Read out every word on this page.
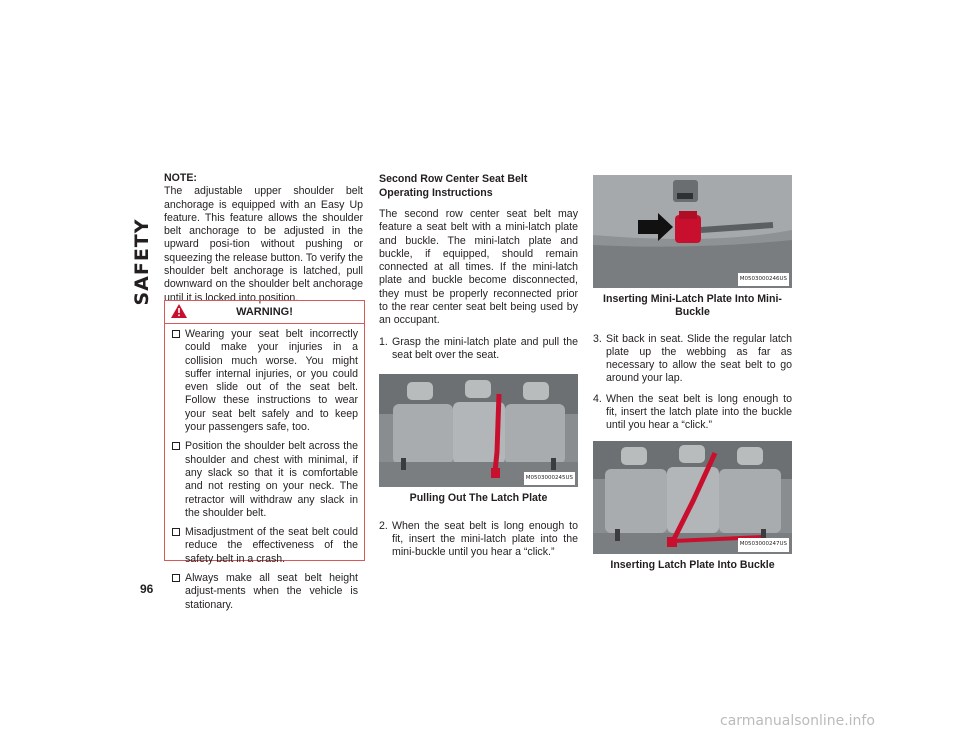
SAFETY
96
NOTE:

The adjustable upper shoulder belt anchorage is equipped with an Easy Up feature. This feature allows the shoulder belt anchorage to be adjusted in the upward posi-tion without pushing or squeezing the release button. To verify the shoulder belt anchorage is latched, pull downward on the shoulder belt anchorage until it is locked into position.

WARNING!
Wearing your seat belt incorrectly could make your injuries in a collision much worse. You might suffer internal injuries, or you could even slide out of the seat belt. Follow these instructions to wear your seat belt safely and to keep your passengers safe, too.
Position the shoulder belt across the shoulder and chest with minimal, if any slack so that it is comfortable and not resting on your neck. The retractor will withdraw any slack in the shoulder belt.
Misadjustment of the seat belt could reduce the effectiveness of the safety belt in a crash.
Always make all seat belt height adjust-ments when the vehicle is stationary.
Second Row Center Seat Belt Operating Instructions

The second row center seat belt may feature a seat belt with a mini-latch plate and buckle. The mini-latch plate and buckle, if equipped, should remain connected at all times. If the mini-latch plate and buckle become disconnected, they must be properly reconnected prior to the rear center seat belt being used by an occupant.

1. Grasp the mini-latch plate and pull the seat belt over the seat.
M0503000245US
Pulling Out The Latch Plate
2. When the seat belt is long enough to fit, insert the mini-latch plate into the mini-buckle until you hear a “click.”
M0503000246US
Inserting Mini-Latch Plate Into Mini-Buckle
3. Sit back in seat. Slide the regular latch plate up the webbing as far as necessary to allow the seat belt to go around your lap.
4. When the seat belt is long enough to fit, insert the latch plate into the buckle until you hear a “click.”
M0503000247US
Inserting Latch Plate Into Buckle
carmanualsonline.info
